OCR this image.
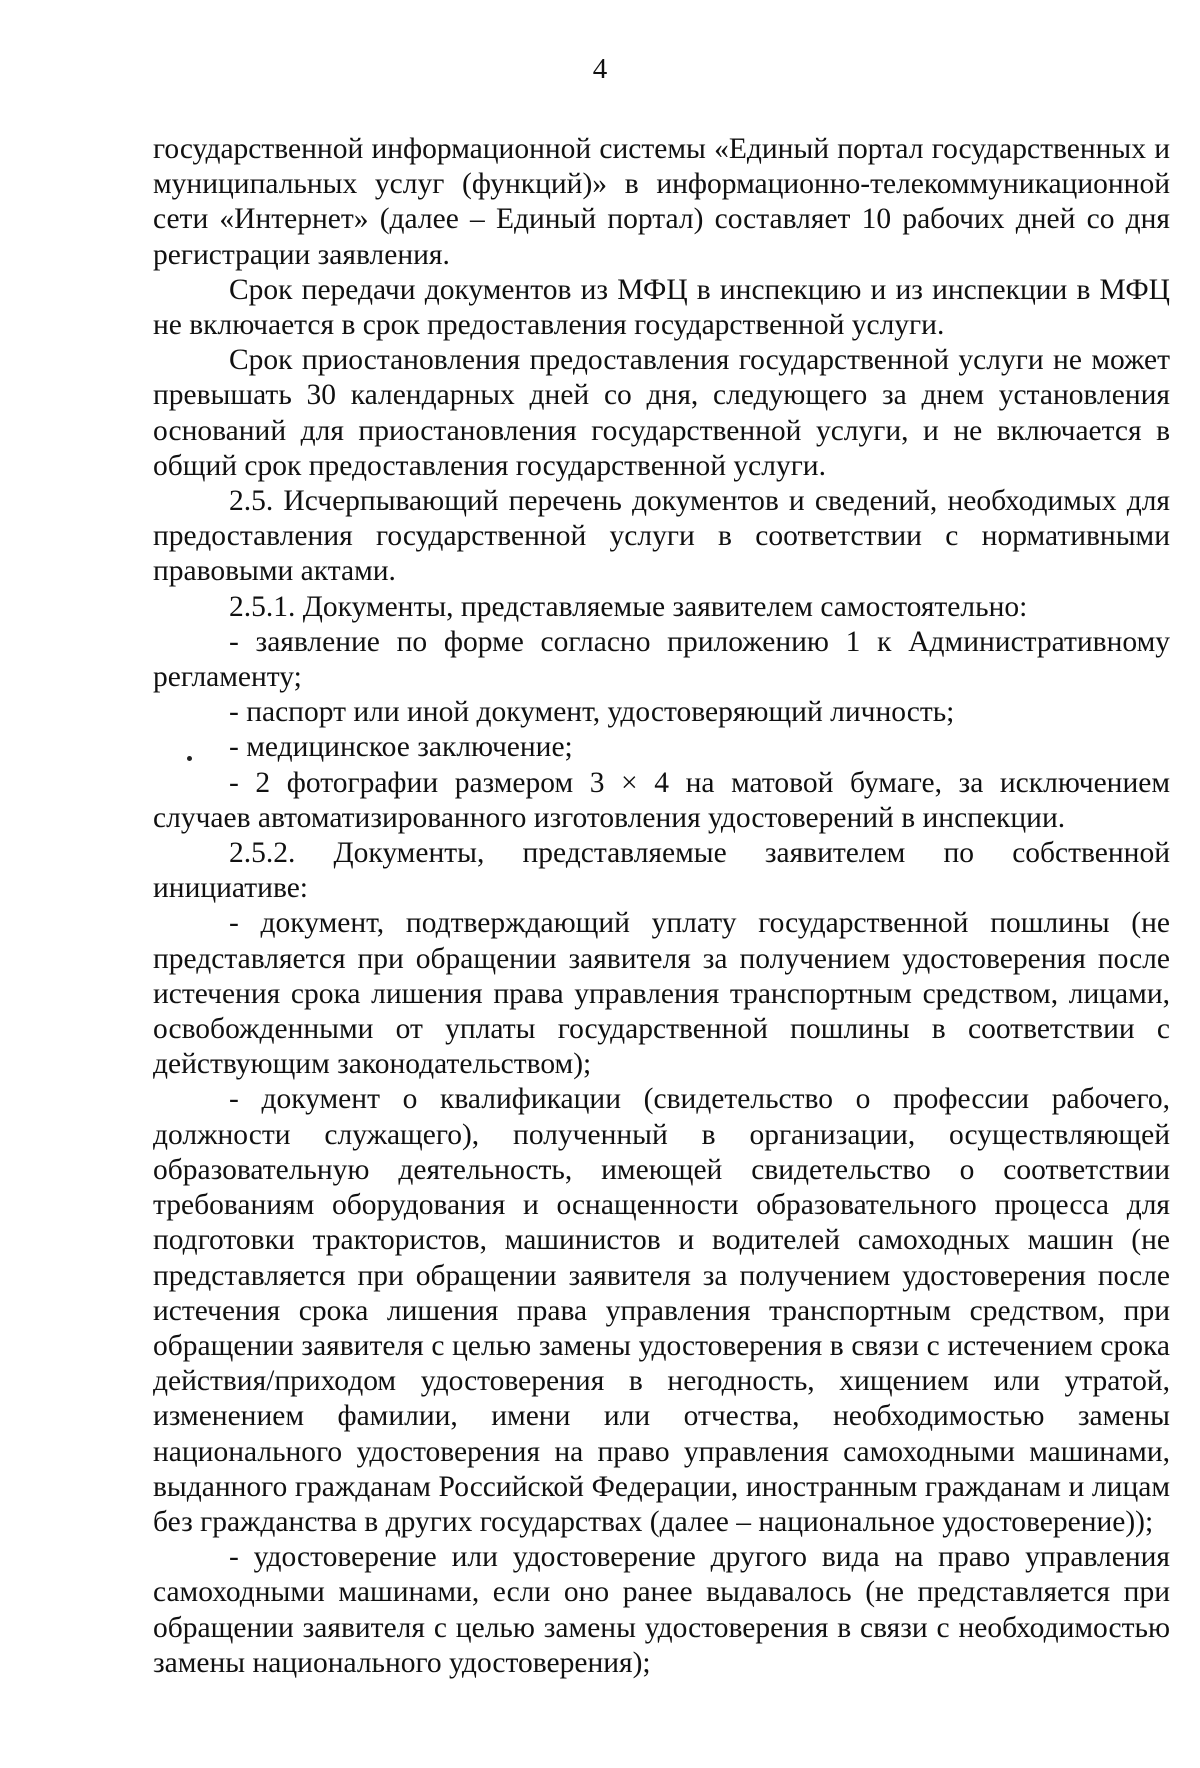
4

государственной информационной системы «Единый портал государственных и муниципальных услуг (функций)» в информационно-телекоммуникационной сети «Интернет» (далее – Единый портал) составляет 10 рабочих дней со дня регистрации заявления.

Срок передачи документов из МФЦ в инспекцию и из инспекции в МФЦ не включается в срок предоставления государственной услуги.

Срок приостановления предоставления государственной услуги не может превышать 30 календарных дней со дня, следующего за днем установления оснований для приостановления государственной услуги, и не включается в общий срок предоставления государственной услуги.

2.5. Исчерпывающий перечень документов и сведений, необходимых для предоставления государственной услуги в соответствии с нормативными правовыми актами.

2.5.1. Документы, представляемые заявителем самостоятельно:

- заявление по форме согласно приложению 1 к Административному регламенту;

- паспорт или иной документ, удостоверяющий личность;

- медицинское заключение;

- 2 фотографии размером 3 × 4 на матовой бумаге, за исключением случаев автоматизированного изготовления удостоверений в инспекции.

2.5.2. Документы, представляемые заявителем по собственной инициативе:

- документ, подтверждающий уплату государственной пошлины (не представляется при обращении заявителя за получением удостоверения после истечения срока лишения права управления транспортным средством, лицами, освобожденными от уплаты государственной пошлины в соответствии с действующим законодательством);

- документ о квалификации (свидетельство о профессии рабочего, должности служащего), полученный в организации, осуществляющей образовательную деятельность, имеющей свидетельство о соответствии требованиям оборудования и оснащенности образовательного процесса для подготовки трактористов, машинистов и водителей самоходных машин (не представляется при обращении заявителя за получением удостоверения после истечения срока лишения права управления транспортным средством, при обращении заявителя с целью замены удостоверения в связи с истечением срока действия/приходом удостоверения в негодность, хищением или утратой, изменением фамилии, имени или отчества, необходимостью замены национального удостоверения на право управления самоходными машинами, выданного гражданам Российской Федерации, иностранным гражданам и лицам без гражданства в других государствах (далее – национальное удостоверение));

- удостоверение или удостоверение другого вида на право управления самоходными машинами, если оно ранее выдавалось (не представляется при обращении заявителя с целью замены удостоверения в связи с необходимостью замены национального удостоверения);
